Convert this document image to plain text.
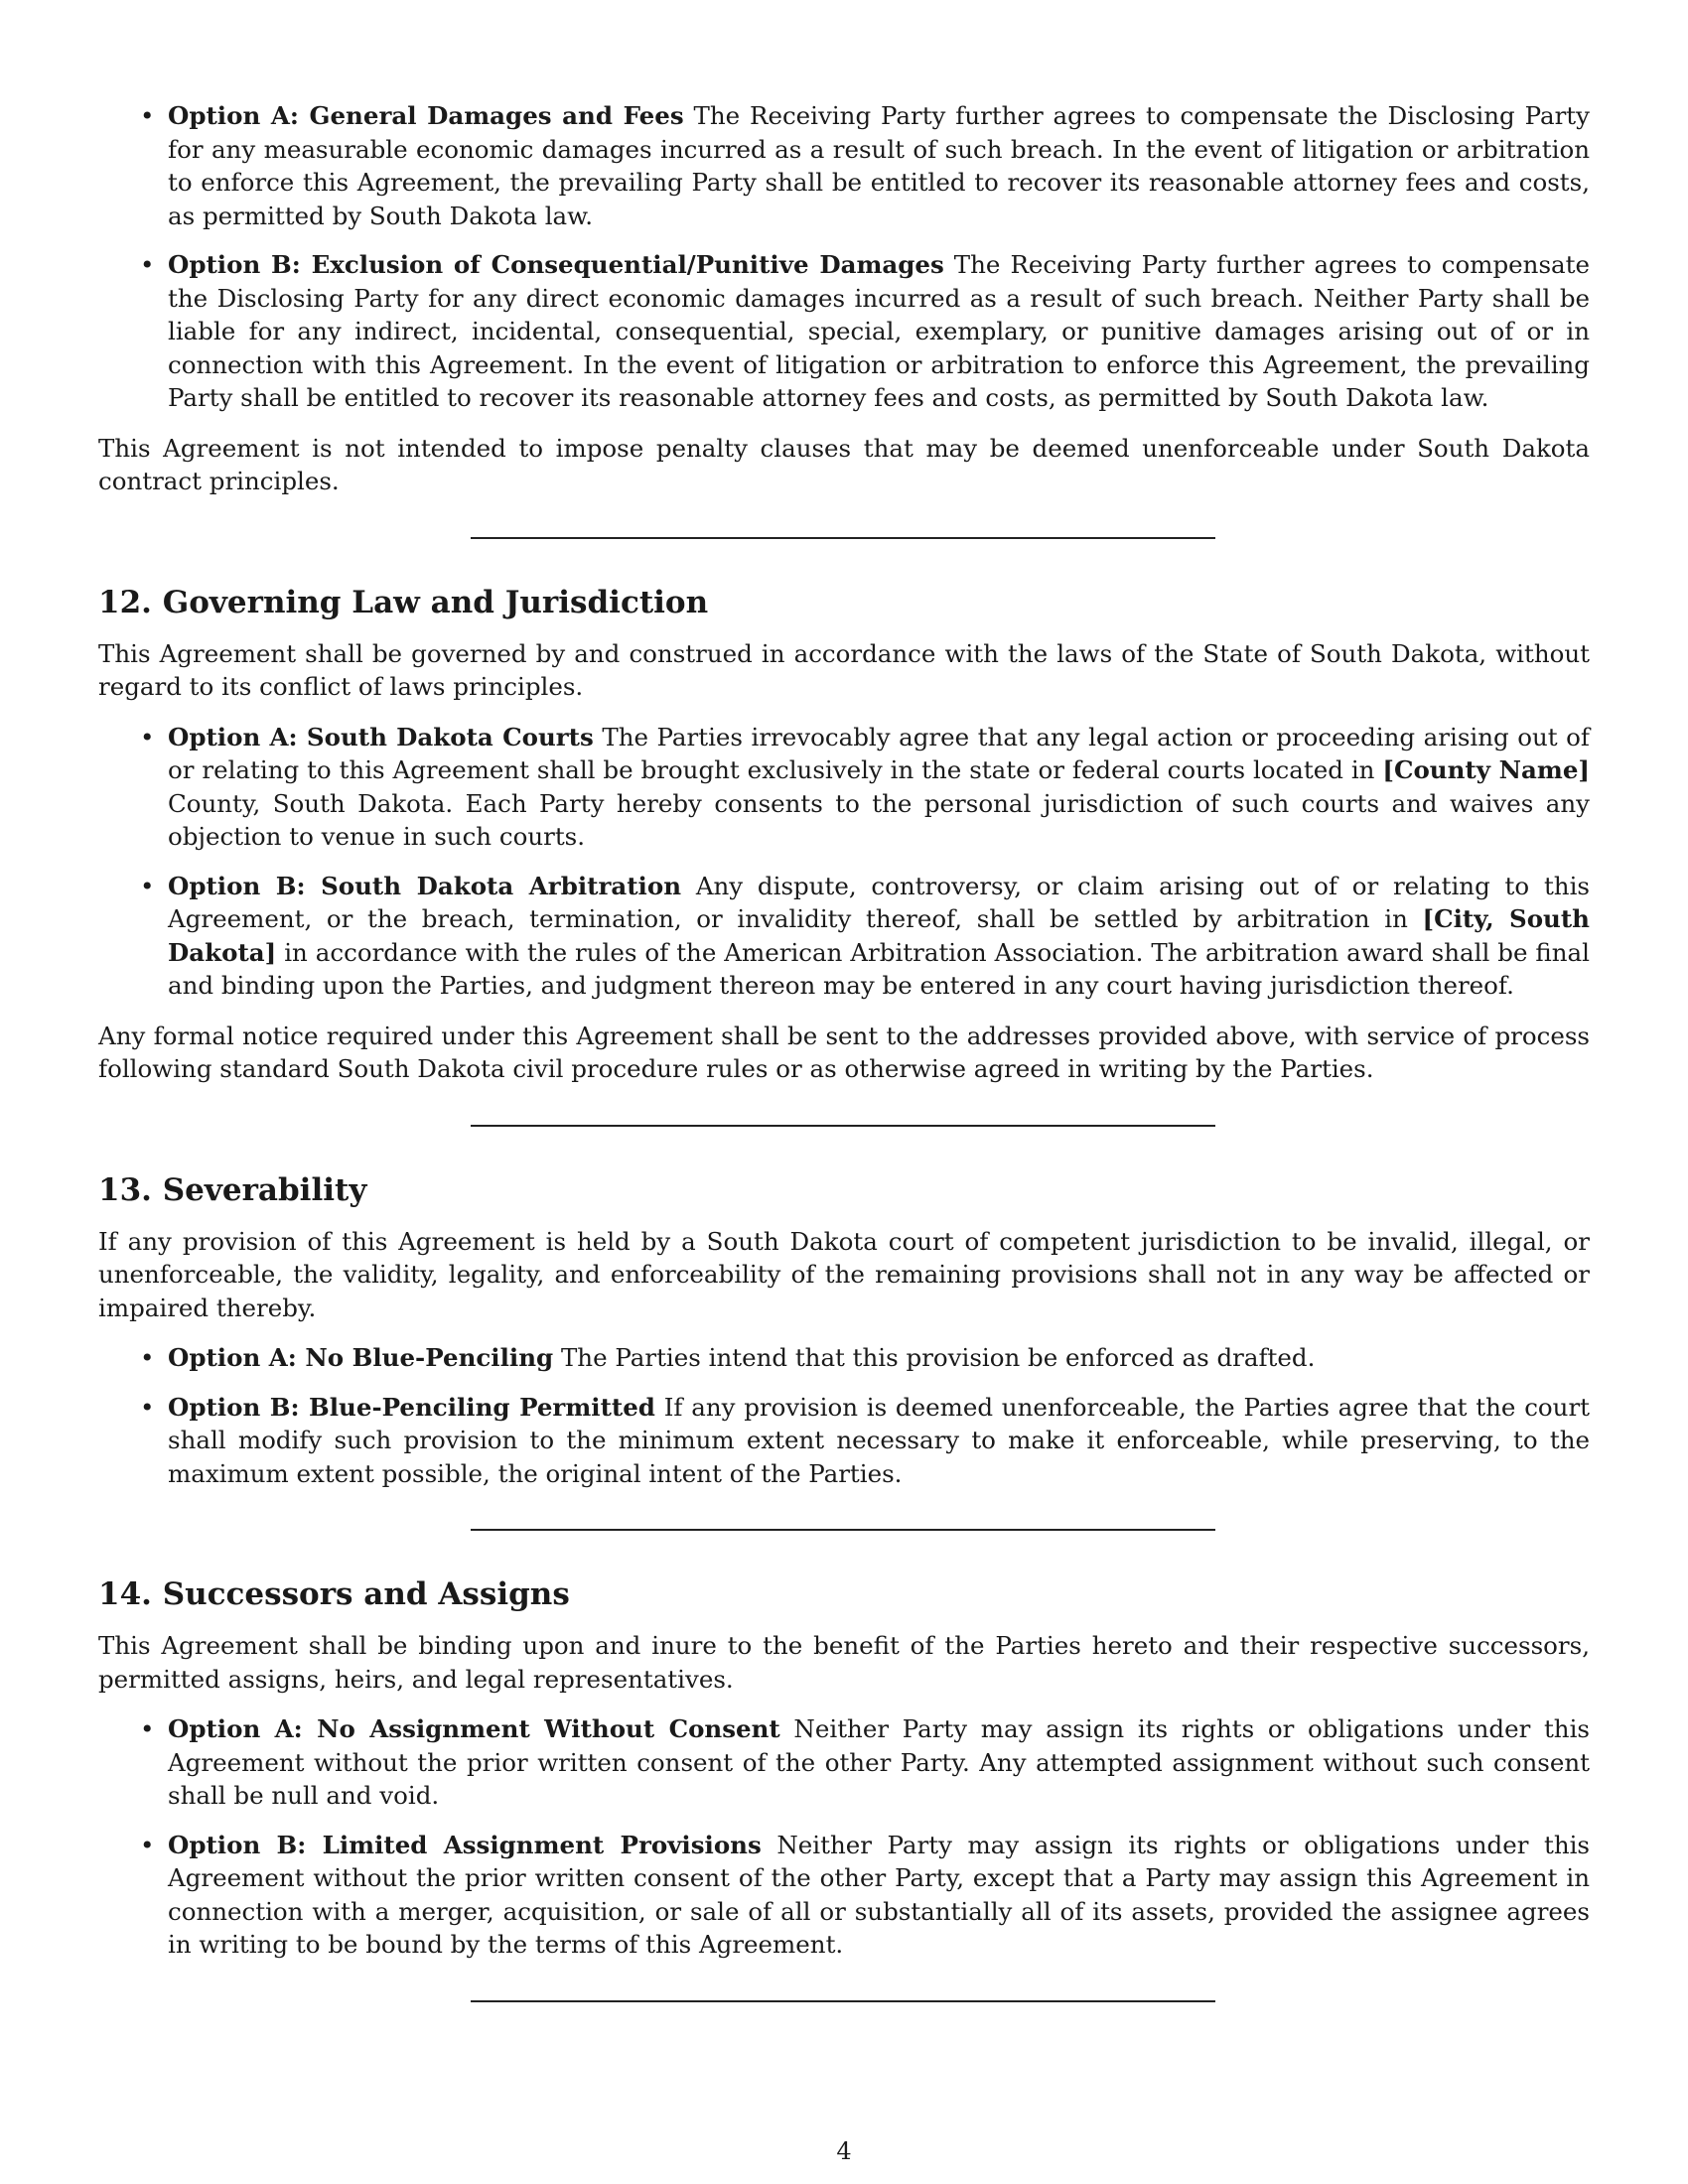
• Option A: General Damages and Fees The Receiving Party further agrees to compensate the Disclosing Party for any measurable economic damages incurred as a result of such breach. In the event of litigation or arbitration to enforce this Agreement, the prevailing Party shall be entitled to recover its reasonable attorney fees and costs, as permitted by South Dakota law.
• Option B: Exclusion of Consequential/Punitive Damages The Receiving Party further agrees to compensate the Disclosing Party for any direct economic damages incurred as a result of such breach. Neither Party shall be liable for any indirect, incidental, consequential, special, exemplary, or punitive damages arising out of or in connection with this Agreement. In the event of litigation or arbitration to enforce this Agreement, the prevailing Party shall be entitled to recover its reasonable attorney fees and costs, as permitted by South Dakota law.

This Agreement is not intended to impose penalty clauses that may be deemed unenforceable under South Dakota contract principles.

12. Governing Law and Jurisdiction

This Agreement shall be governed by and construed in accordance with the laws of the State of South Dakota, without regard to its conflict of laws principles.

• Option A: South Dakota Courts The Parties irrevocably agree that any legal action or proceeding arising out of or relating to this Agreement shall be brought exclusively in the state or federal courts located in [County Name] County, South Dakota. Each Party hereby consents to the personal jurisdiction of such courts and waives any objection to venue in such courts.
• Option B: South Dakota Arbitration Any dispute, controversy, or claim arising out of or relating to this Agreement, or the breach, termination, or invalidity thereof, shall be settled by arbitration in [City, South Dakota] in accordance with the rules of the American Arbitration Association. The arbitration award shall be final and binding upon the Parties, and judgment thereon may be entered in any court having jurisdiction thereof.

Any formal notice required under this Agreement shall be sent to the addresses provided above, with service of process following standard South Dakota civil procedure rules or as otherwise agreed in writing by the Parties.

13. Severability

If any provision of this Agreement is held by a South Dakota court of competent jurisdiction to be invalid, illegal, or unenforceable, the validity, legality, and enforceability of the remaining provisions shall not in any way be affected or impaired thereby.

• Option A: No Blue-Penciling The Parties intend that this provision be enforced as drafted.
• Option B: Blue-Penciling Permitted If any provision is deemed unenforceable, the Parties agree that the court shall modify such provision to the minimum extent necessary to make it enforceable, while preserving, to the maximum extent possible, the original intent of the Parties.
14. Successors and Assigns

This Agreement shall be binding upon and inure to the benefit of the Parties hereto and their respective successors, permitted assigns, heirs, and legal representatives.

• Option A: No Assignment Without Consent Neither Party may assign its rights or obligations under this Agreement without the prior written consent of the other Party. Any attempted assignment without such consent shall be null and void.
• Option B: Limited Assignment Provisions Neither Party may assign its rights or obligations under this Agreement without the prior written consent of the other Party, except that a Party may assign this Agreement in connection with a merger, acquisition, or sale of all or substantially all of its assets, provided the assignee agrees in writing to be bound by the terms of this Agreement.
4
